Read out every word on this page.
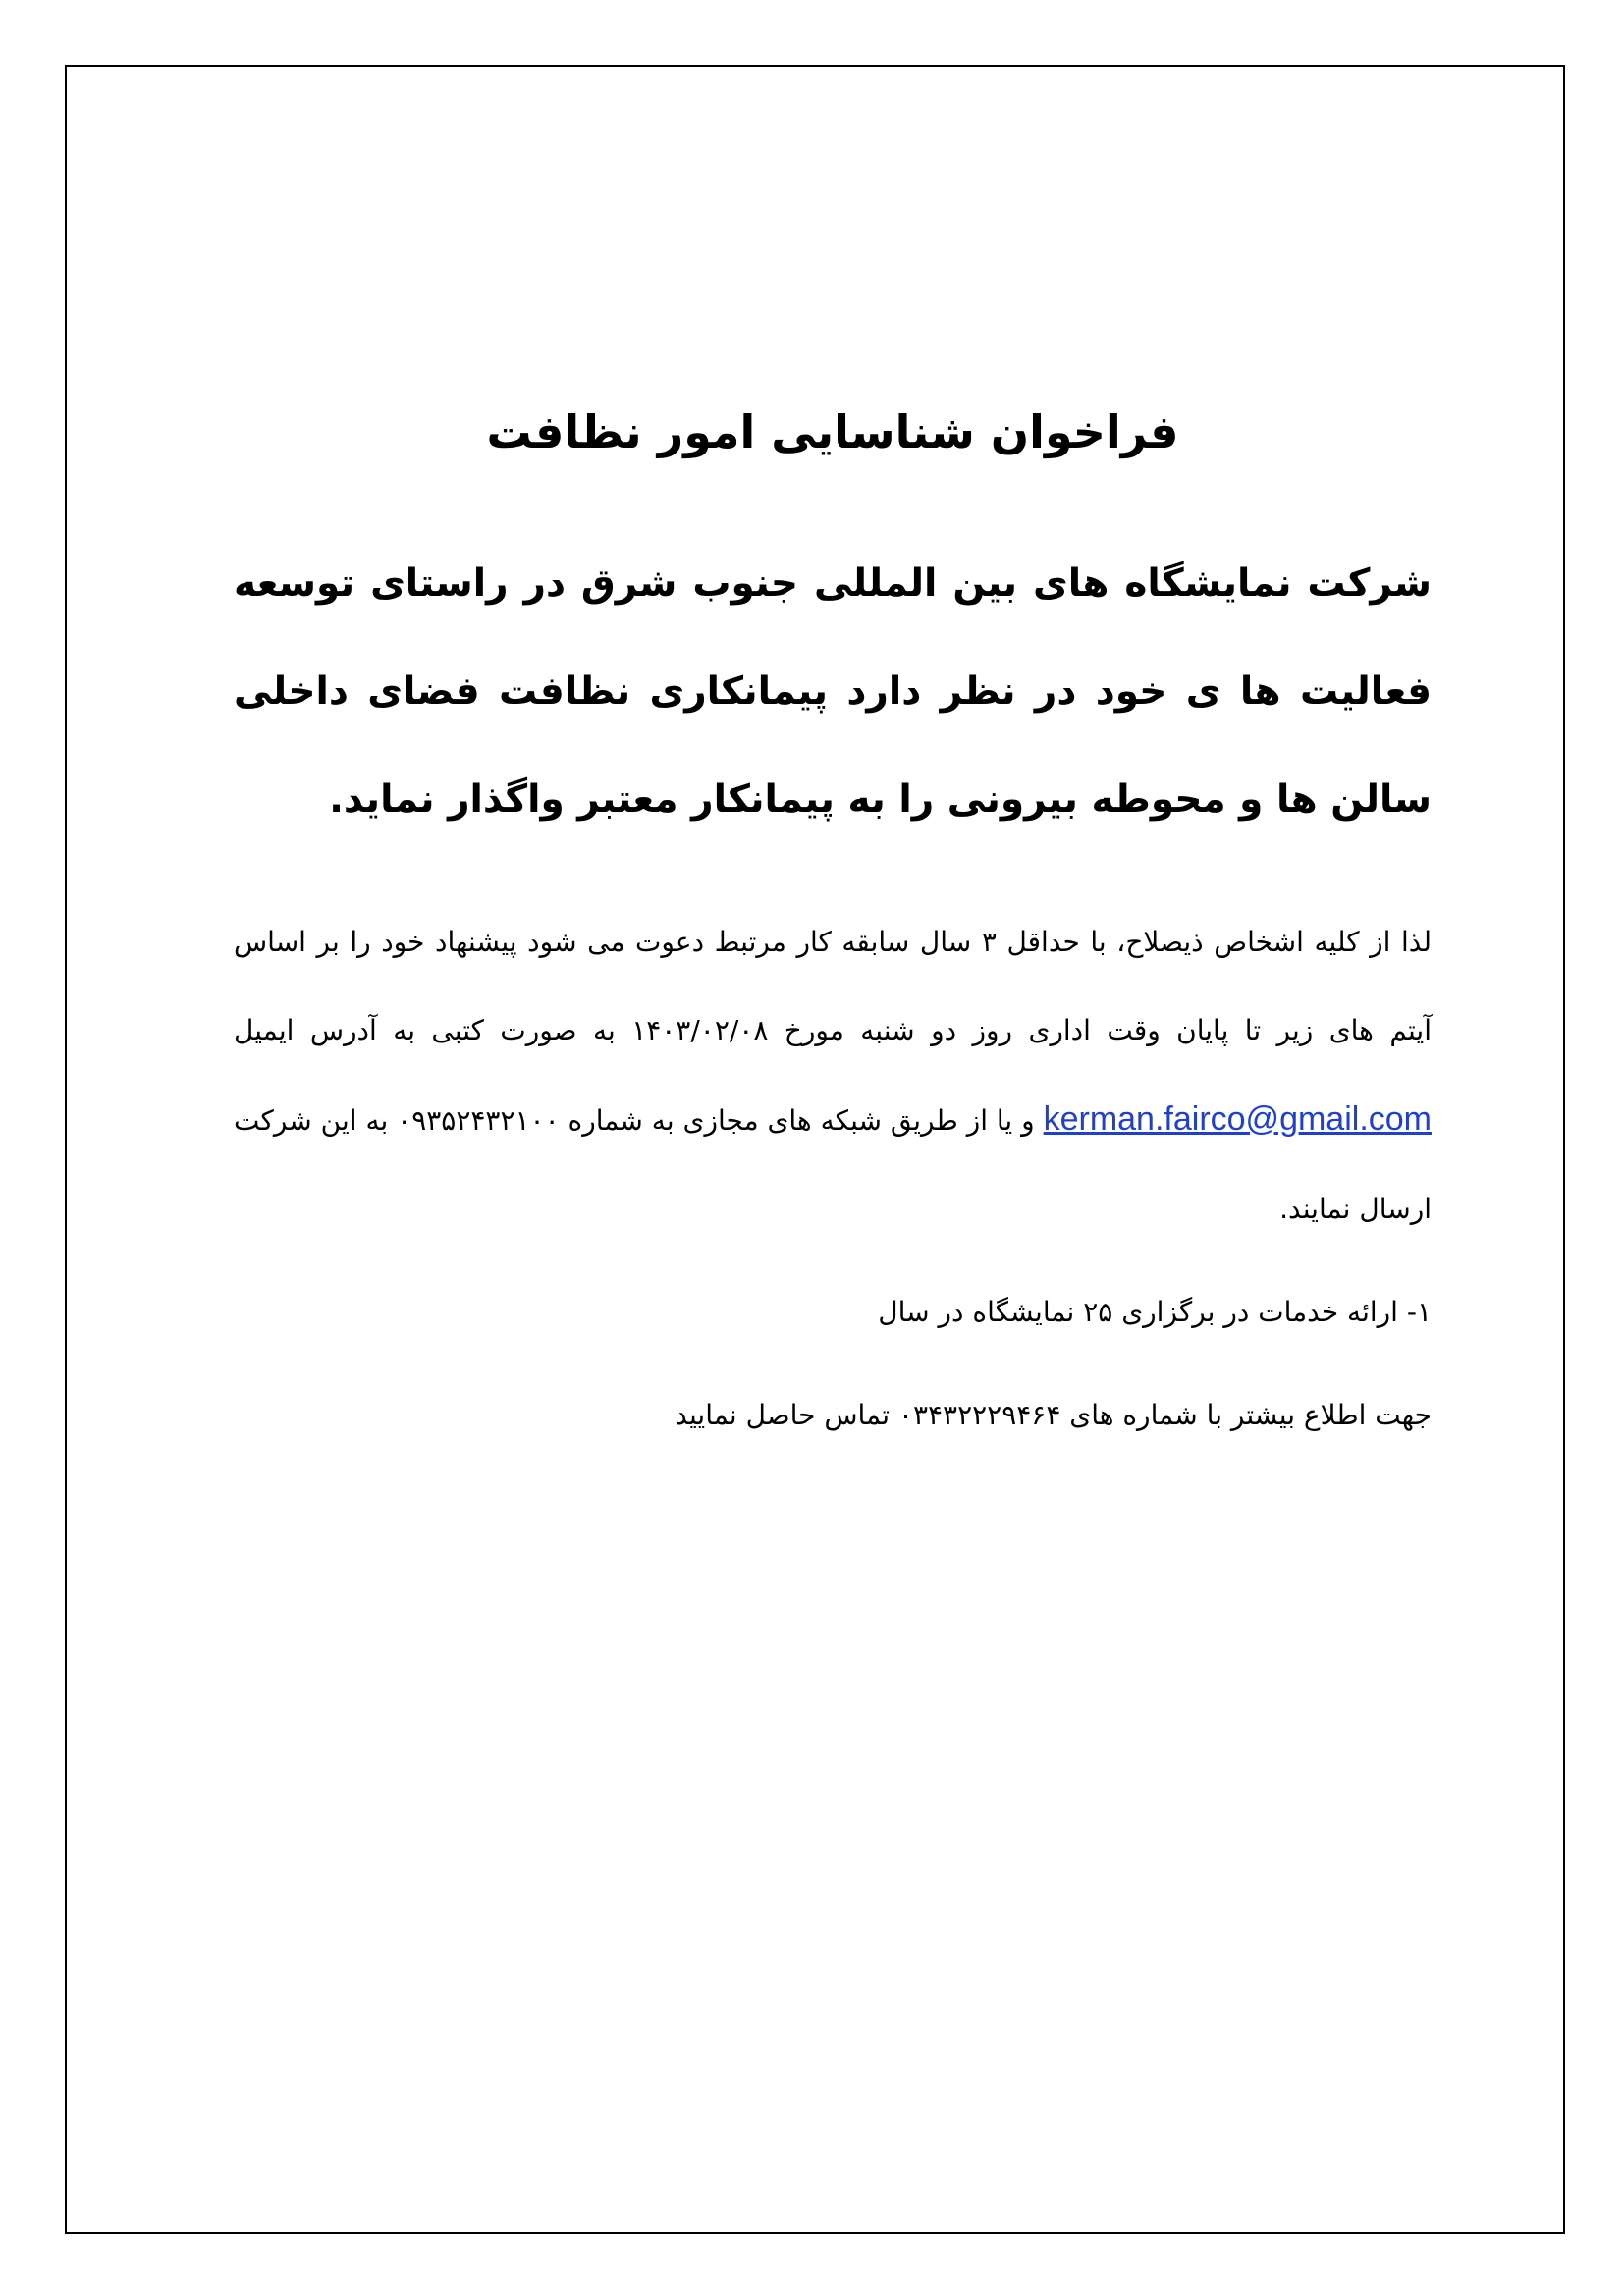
فراخوان شناسایی امور نظافت

شرکت نمایشگاه های بین المللی جنوب شرق در راستای توسعه فعالیت ها ی خود در نظر دارد پیمانکاری نظافت فضای داخلی سالن ها و محوطه بیرونی را به پیمانکار معتبر واگذار نماید.

لذا از کلیه اشخاص ذیصلاح، با حداقل ۳ سال سابقه کار مرتبط دعوت می شود پیشنهاد خود را بر اساس آیتم های زیر تا پایان وقت اداری روز دو شنبه مورخ ۱۴۰۳/۰۲/۰۸ به صورت کتبی به آدرس ایمیل kerman.fairco@gmail.com و یا از طریق شبکه های مجازی به شماره ۰۹۳۵۲۴۳۲۱۰۰ به این شرکت ارسال نمایند.

۱- ارائه خدمات در برگزاری ۲۵ نمایشگاه در سال

جهت اطلاع بیشتر با شماره های ۰۳۴۳۲۲۲۹۴۶۴ تماس حاصل نمایید
